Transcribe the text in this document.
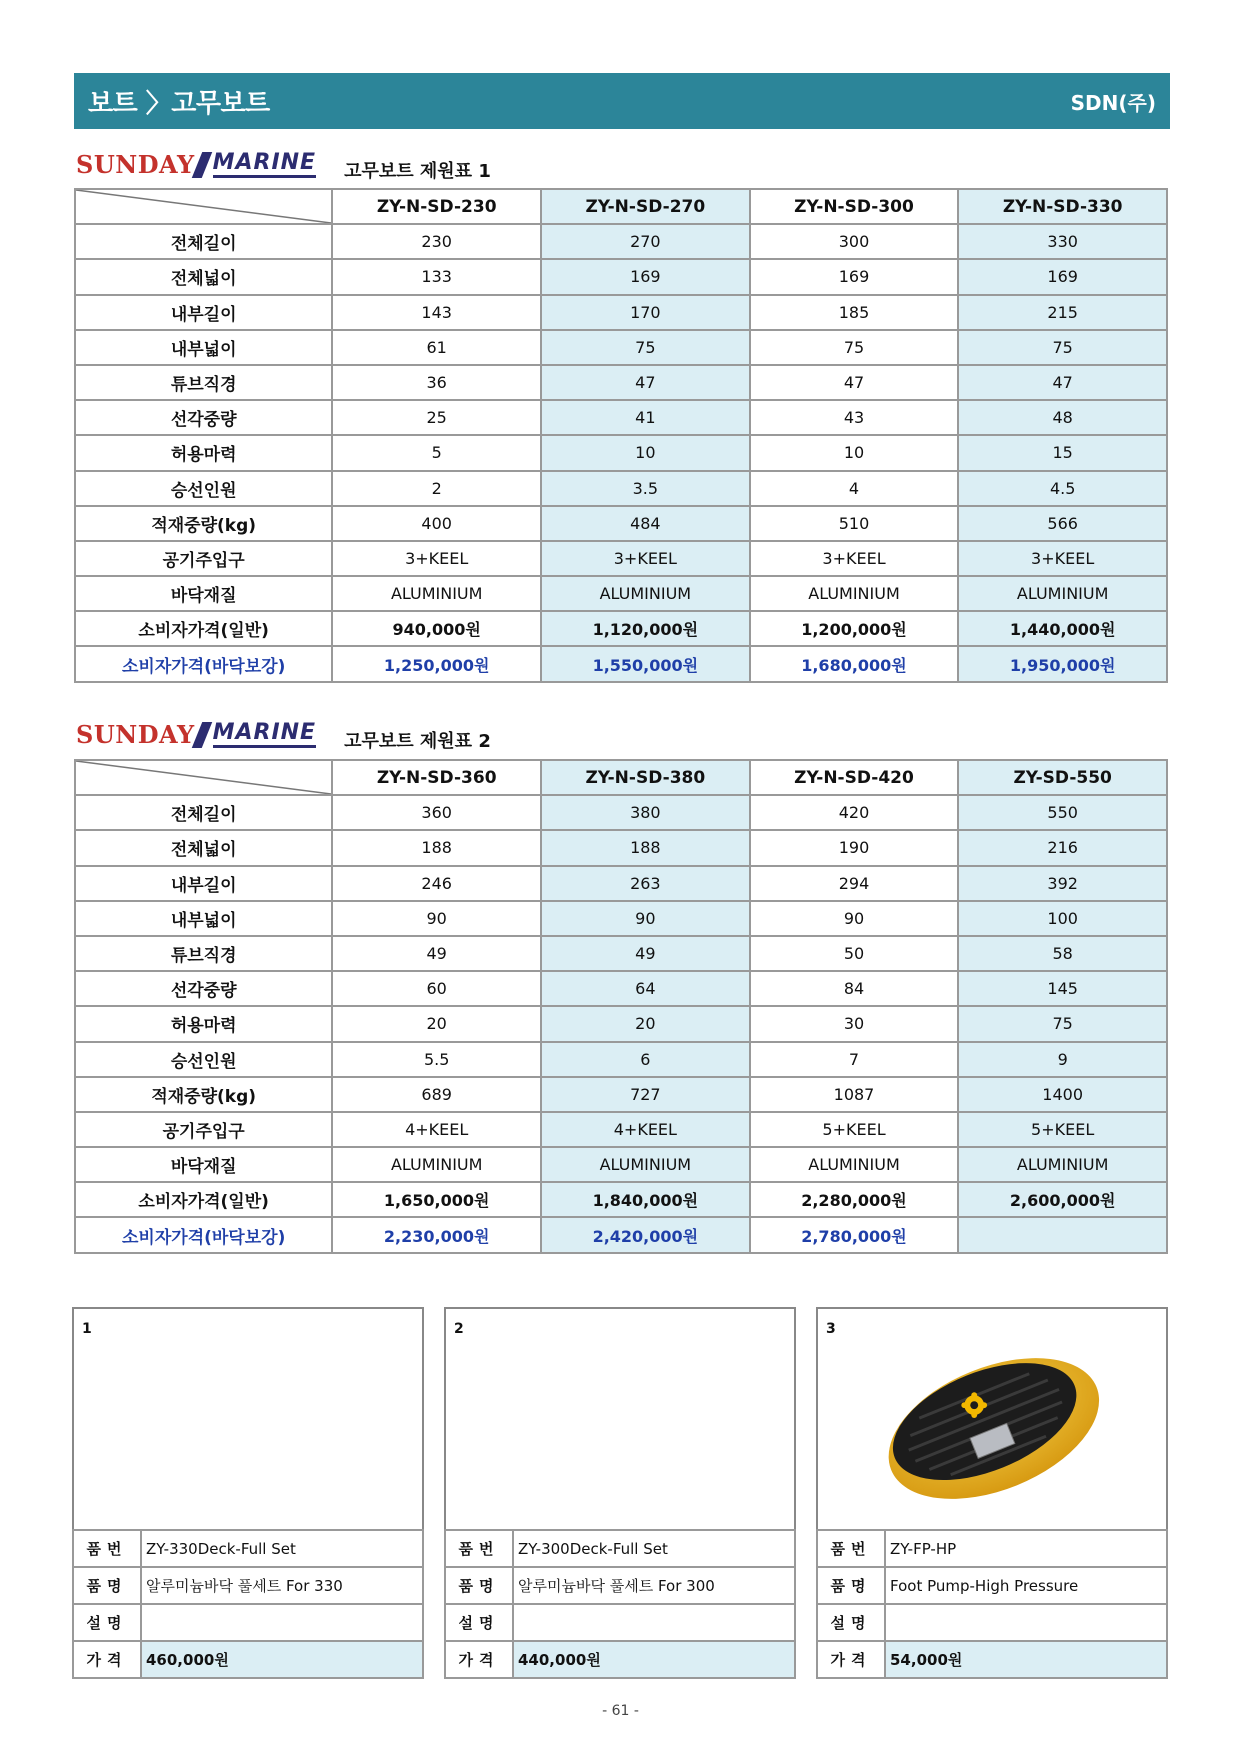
보트 〉고무보트	SDN(주)
SUNDAY MARINE 고무보트 제원표 1
	ZY-N-SD-230	ZY-N-SD-270	ZY-N-SD-300	ZY-N-SD-330
전체길이	230	270	300	330
전체넓이	133	169	169	169
내부길이	143	170	185	215
내부넓이	61	75	75	75
튜브직경	36	47	47	47
선각중량	25	41	43	48
허용마력	5	10	10	15
승선인원	2	3.5	4	4.5
적재중량(kg)	400	484	510	566
공기주입구	3+KEEL	3+KEEL	3+KEEL	3+KEEL
바닥재질	ALUMINIUM	ALUMINIUM	ALUMINIUM	ALUMINIUM
소비자가격(일반)	940,000원	1,120,000원	1,200,000원	1,440,000원
소비자가격(바닥보강)	1,250,000원	1,550,000원	1,680,000원	1,950,000원
SUNDAY MARINE 고무보트 제원표 2
	ZY-N-SD-360	ZY-N-SD-380	ZY-N-SD-420	ZY-SD-550
전체길이	360	380	420	550
전체넓이	188	188	190	216
내부길이	246	263	294	392
내부넓이	90	90	90	100
튜브직경	49	49	50	58
선각중량	60	64	84	145
허용마력	20	20	30	75
승선인원	5.5	6	7	9
적재중량(kg)	689	727	1087	1400
공기주입구	4+KEEL	4+KEEL	5+KEEL	5+KEEL
바닥재질	ALUMINIUM	ALUMINIUM	ALUMINIUM	ALUMINIUM
소비자가격(일반)	1,650,000원	1,840,000원	2,280,000원	2,600,000원
소비자가격(바닥보강)	2,230,000원	2,420,000원	2,780,000원	
1
품번	ZY-330Deck-Full Set
품명	알루미늄바닥 풀세트 For 330
설명	
가격	460,000원
2
품번	ZY-300Deck-Full Set
품명	알루미늄바닥 풀세트 For 300
설명	
가격	440,000원
3
품번	ZY-FP-HP
품명	Foot Pump-High Pressure
설명	
가격	54,000원
- 61 -
